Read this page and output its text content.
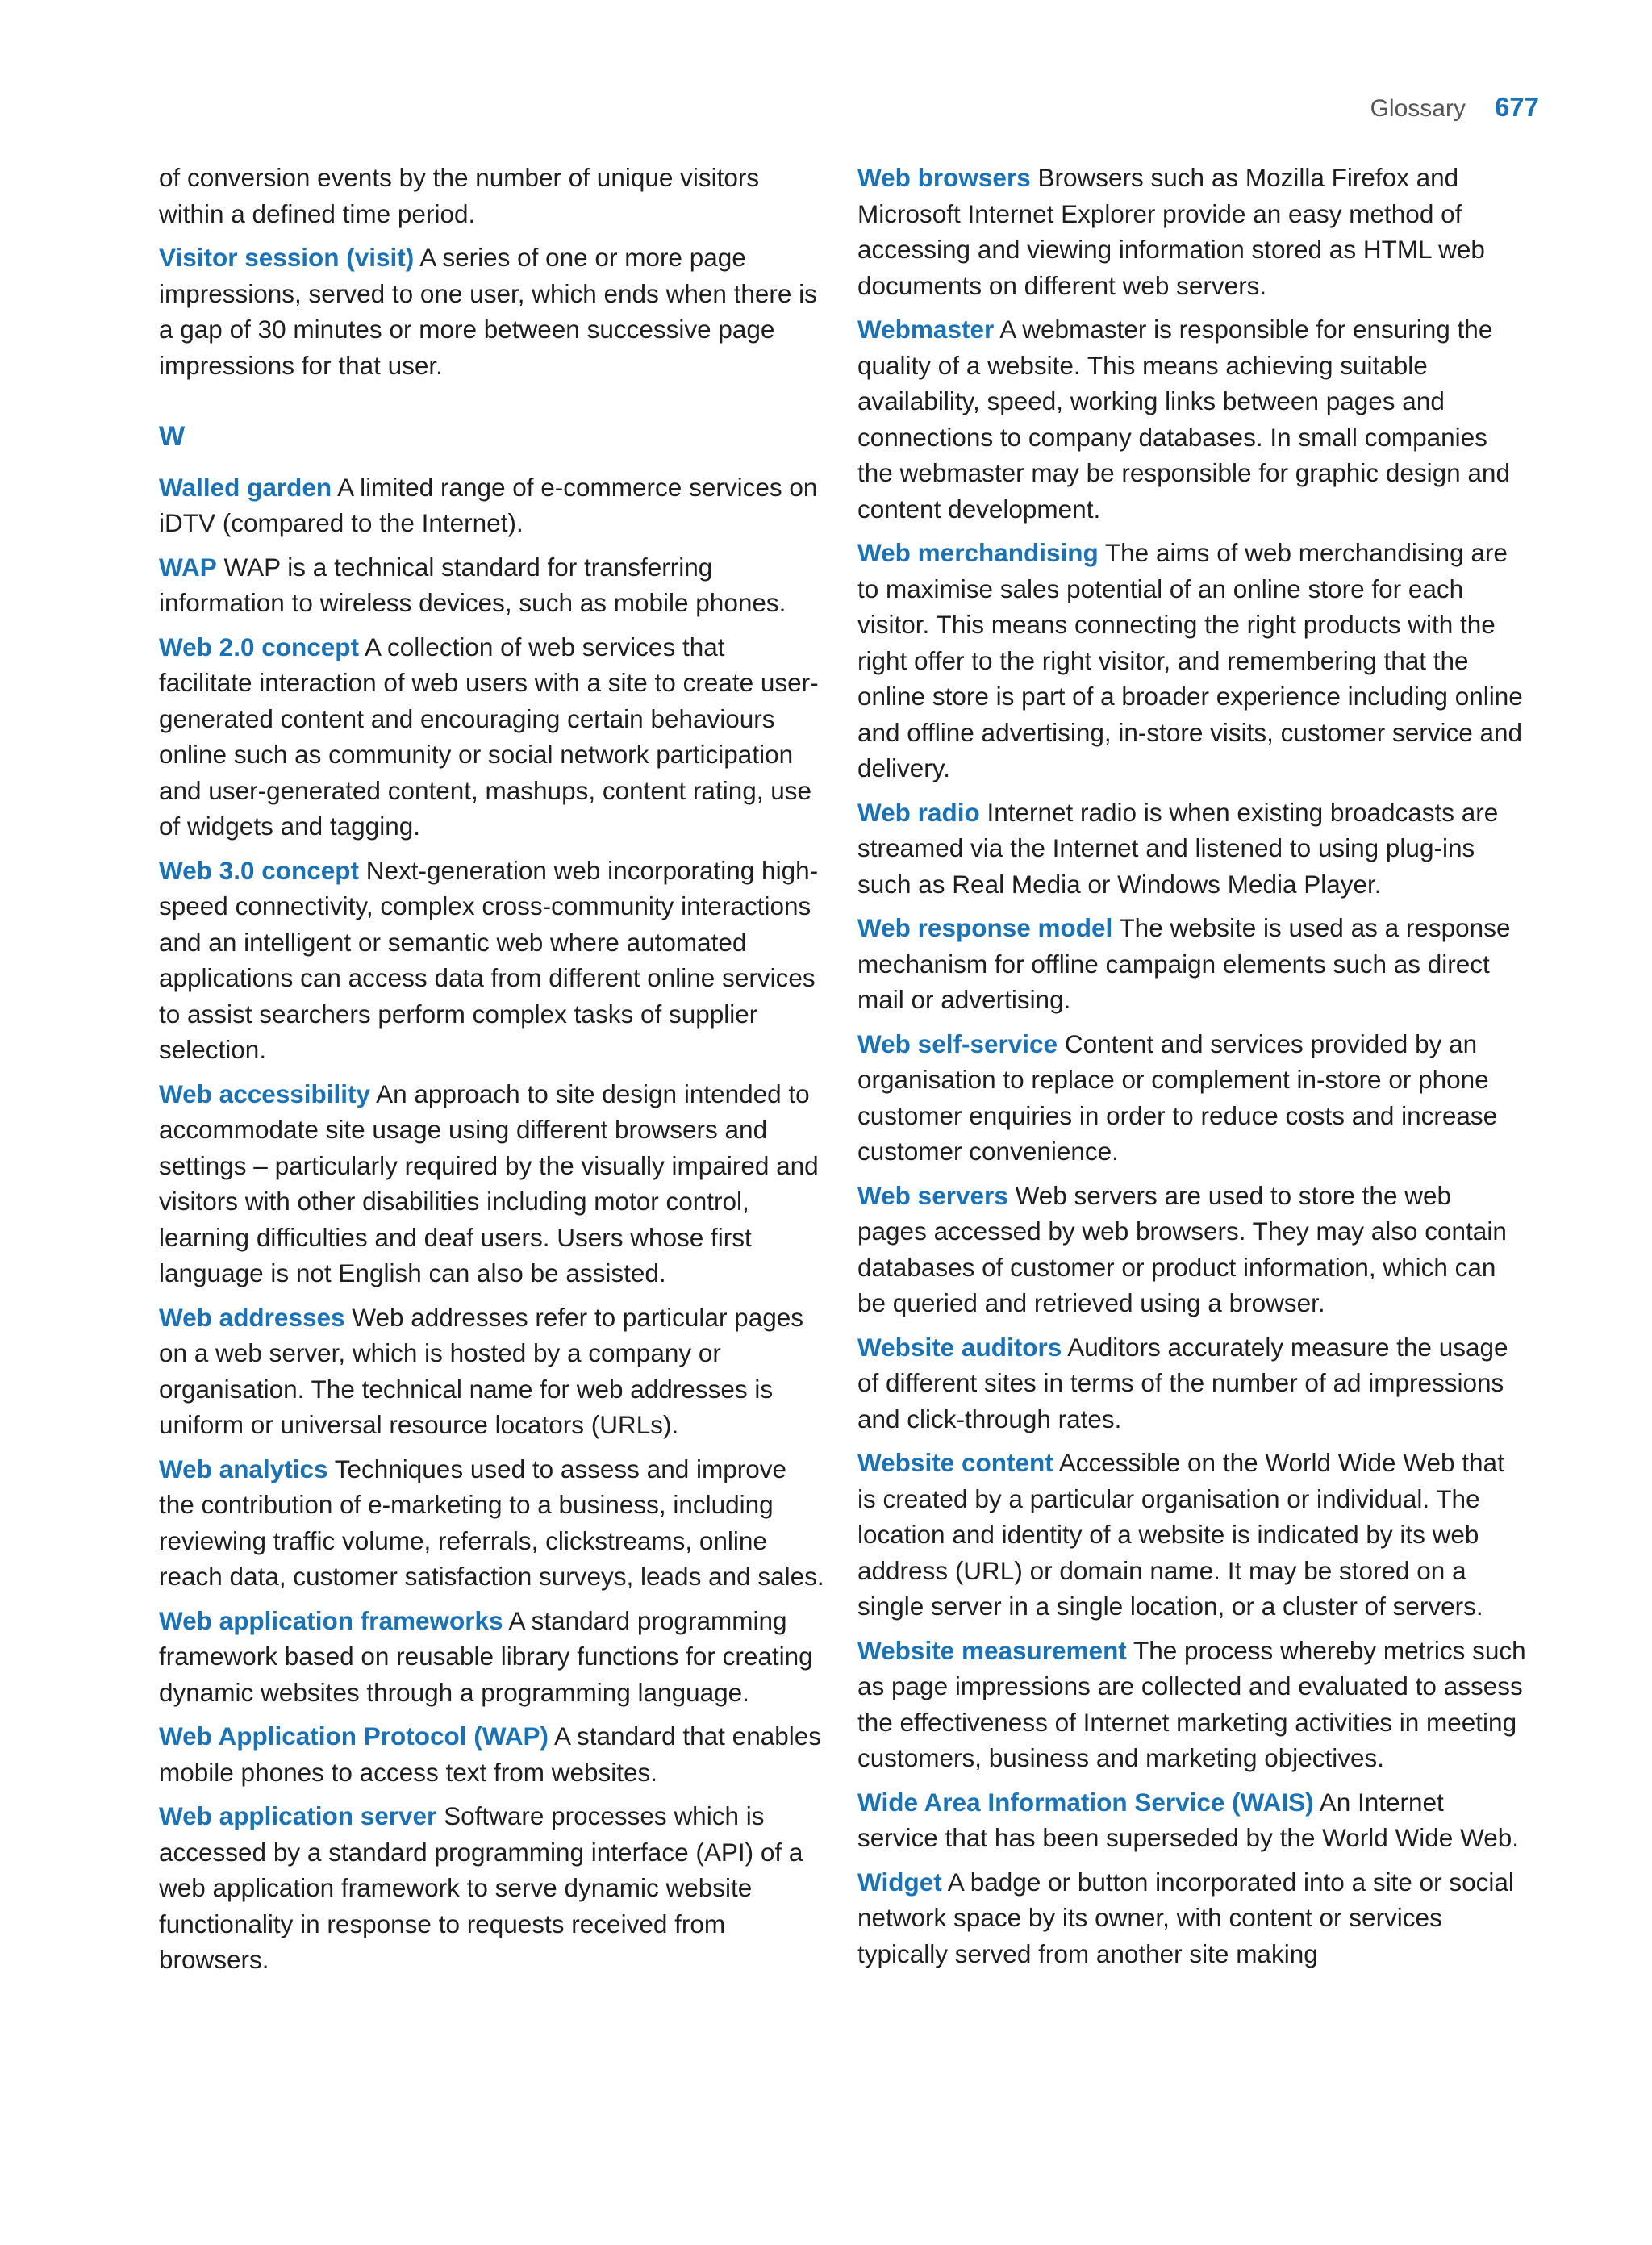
Glossary 677

of conversion events by the number of unique visitors within a defined time period.

Visitor session (visit) A series of one or more page impressions, served to one user, which ends when there is a gap of 30 minutes or more between successive page impressions for that user.

W

Walled garden A limited range of e-commerce services on iDTV (compared to the Internet).

WAP WAP is a technical standard for transferring information to wireless devices, such as mobile phones.

Web 2.0 concept A collection of web services that facilitate interaction of web users with a site to create user-generated content and encouraging certain behaviours online such as community or social network participation and user-generated content, mashups, content rating, use of widgets and tagging.

Web 3.0 concept Next-generation web incorporating high-speed connectivity, complex cross-community interactions and an intelligent or semantic web where automated applications can access data from different online services to assist searchers perform complex tasks of supplier selection.

Web accessibility An approach to site design intended to accommodate site usage using different browsers and settings – particularly required by the visually impaired and visitors with other disabilities including motor control, learning difficulties and deaf users. Users whose first language is not English can also be assisted.

Web addresses Web addresses refer to particular pages on a web server, which is hosted by a company or organisation. The technical name for web addresses is uniform or universal resource locators (URLs).

Web analytics Techniques used to assess and improve the contribution of e-marketing to a business, including reviewing traffic volume, referrals, clickstreams, online reach data, customer satisfaction surveys, leads and sales.

Web application frameworks A standard programming framework based on reusable library functions for creating dynamic websites through a programming language.

Web Application Protocol (WAP) A standard that enables mobile phones to access text from websites.

Web application server Software processes which is accessed by a standard programming interface (API) of a web application framework to serve dynamic website functionality in response to requests received from browsers.

Web browsers Browsers such as Mozilla Firefox and Microsoft Internet Explorer provide an easy method of accessing and viewing information stored as HTML web documents on different web servers.

Webmaster A webmaster is responsible for ensuring the quality of a website. This means achieving suitable availability, speed, working links between pages and connections to company databases. In small companies the webmaster may be responsible for graphic design and content development.

Web merchandising The aims of web merchandising are to maximise sales potential of an online store for each visitor. This means connecting the right products with the right offer to the right visitor, and remembering that the online store is part of a broader experience including online and offline advertising, in-store visits, customer service and delivery.

Web radio Internet radio is when existing broadcasts are streamed via the Internet and listened to using plug-ins such as Real Media or Windows Media Player.

Web response model The website is used as a response mechanism for offline campaign elements such as direct mail or advertising.

Web self-service Content and services provided by an organisation to replace or complement in-store or phone customer enquiries in order to reduce costs and increase customer convenience.

Web servers Web servers are used to store the web pages accessed by web browsers. They may also contain databases of customer or product information, which can be queried and retrieved using a browser.

Website auditors Auditors accurately measure the usage of different sites in terms of the number of ad impressions and click-through rates.

Website content Accessible on the World Wide Web that is created by a particular organisation or individual. The location and identity of a website is indicated by its web address (URL) or domain name. It may be stored on a single server in a single location, or a cluster of servers.

Website measurement The process whereby metrics such as page impressions are collected and evaluated to assess the effectiveness of Internet marketing activities in meeting customers, business and marketing objectives.

Wide Area Information Service (WAIS) An Internet service that has been superseded by the World Wide Web.

Widget A badge or button incorporated into a site or social network space by its owner, with content or services typically served from another site making
